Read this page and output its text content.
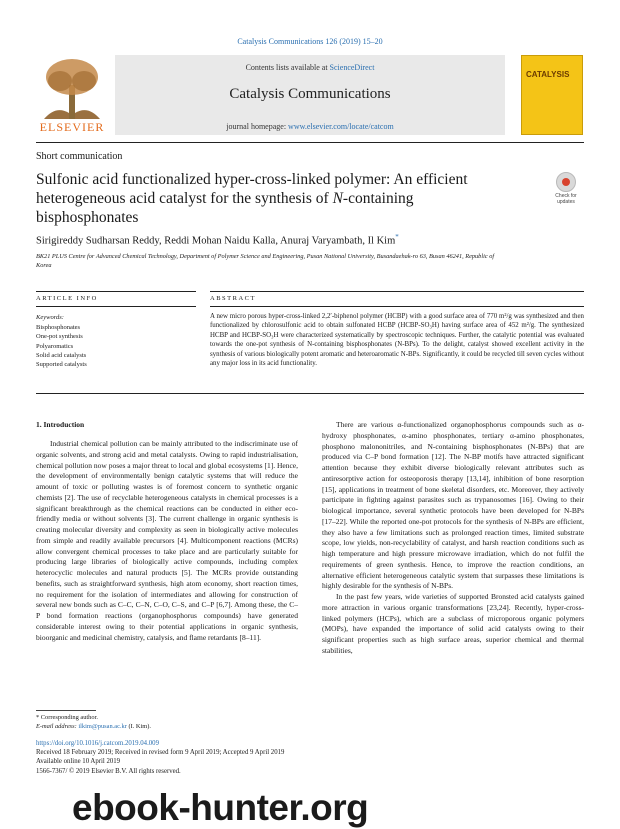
Catalysis Communications 126 (2019) 15–20
ELSEVIER
Contents lists available at ScienceDirect
Catalysis Communications
journal homepage: www.elsevier.com/locate/catcom
CATALYSIS
Short communication
Sulfonic acid functionalized hyper-cross-linked polymer: An efficient heterogeneous acid catalyst for the synthesis of N-containing bisphosphonates
Check for updates
Sirigireddy Sudharsan Reddy, Reddi Mohan Naidu Kalla, Anuraj Varyambath, Il Kim*
BK21 PLUS Centre for Advanced Chemical Technology, Department of Polymer Science and Engineering, Pusan National University, Busandaehak-ro 63, Busan 46241, Republic of Korea
ARTICLE INFO	ABSTRACT
Keywords:
Bisphosphonates
One-pot synthesis
Polyaromatics
Solid acid catalysts
Supported catalysts
A new micro porous hyper-cross-linked 2,2′-biphenol polymer (HCBP) with a good surface area of 770 m²/g was synthesized and then functionalized by chlorosulfonic acid to obtain sulfonated HCBP (HCBP-SO₃H) having surface area of 452 m²/g. The synthesized HCBP and HCBP-SO₃H were characterized systematically by spectroscopic techniques. Further, the catalytic potential was evaluated towards the one-pot synthesis of N-containing bisphosphonates (N-BPs). To the delight, catalyst showed excellent activity in the synthesis of various biologically potent aromatic and heteroaromatic N-BPs. Significantly, it could be recycled till seven cycles without any major loss in its acid functionality.
1. Introduction

Industrial chemical pollution can be mainly attributed to the indiscriminate use of organic solvents, and strong acid and metal catalysts. Owing to rapid industrialisation, chemical pollution now poses a major threat to local and global ecosystems [1]. Hence, the development of environmentally benign catalytic systems that will reduce the amount of toxic or polluting wastes is of foremost concern to synthetic organic chemists [2]. The use of recyclable heterogeneous catalysts in chemical processes is a significant breakthrough as the chemical reactions can be conducted in either eco-friendly media or without solvents [3]. The current challenge in organic synthesis is creating molecular diversity and complexity as seen in biologically active molecules from simple and readily available precursors [4]. Multicomponent reactions (MCRs) allow convergent chemical processes to take place and are particularly suitable for producing large libraries of biologically active compounds, including complex heterocyclic molecules and natural products [5]. The MCRs provide outstanding benefits, such as straightforward synthesis, high atom economy, short reaction times, no requirement for the isolation of intermediates and allowing for construction of several new bonds such as C–C, C–N, C–O, C–S, and C–P [6,7]. Among these, the C–P bond formation reactions (organophosphorus compounds) have generated considerable interest owing to their potential applications in organic synthesis, bioorganic and medicinal chemistry, catalysis, and flame retardants [8–11].

There are various α-functionalized organophosphorus compounds such as α-hydroxy phosphonates, α-amino phosphonates, tertiary α-amino phosphonates, phosphono malononitriles, and N-containing bisphosphonates (N-BPs) that are produced via C–P bond formation [12]. The N-BP motifs have attracted significant attention because they exhibit diverse biologically relevant attributes such as antiresorptive action for osteoporosis therapy [13,14], inhibition of bone resorption [15], applications in treatment of bone skeletal disorders, etc. Moreover, they actively participate in fighting against parasites such as trypanosomes [16]. Owing to their biological importance, several synthetic protocols have been developed for N-BPs [17–22]. While the reported one-pot protocols for the synthesis of N-BPs are efficient, they also have a few limitations such as prolonged reaction times, limited substrate scope, low yields, non-recyclability of catalyst, and harsh reaction conditions such as high temperature and high pressure microwave irradiation, which do not fulfil the requirements of green synthesis. Hence, to improve the reaction conditions, an alternative efficient heterogeneous catalytic system that surpasses these limitations is highly desirable for the synthesis of N-BPs.

In the past few years, wide varieties of supported Bronsted acid catalysts gained more attraction in various organic transformations [23,24]. Recently, hyper-cross-linked polymers (HCPs), which are a subclass of microporous organic polymers (MOPs), have expanded the importance of solid acid catalysts owing to their significant properties such as high surface areas, superior chemical and thermal stabilities,

* Corresponding author.
E-mail address: ilkim@pusan.ac.kr (I. Kim).
https://doi.org/10.1016/j.catcom.2019.04.009
Received 18 February 2019; Received in revised form 9 April 2019; Accepted 9 April 2019
Available online 10 April 2019
1566-7367/ © 2019 Elsevier B.V. All rights reserved.
ebook-hunter.org
